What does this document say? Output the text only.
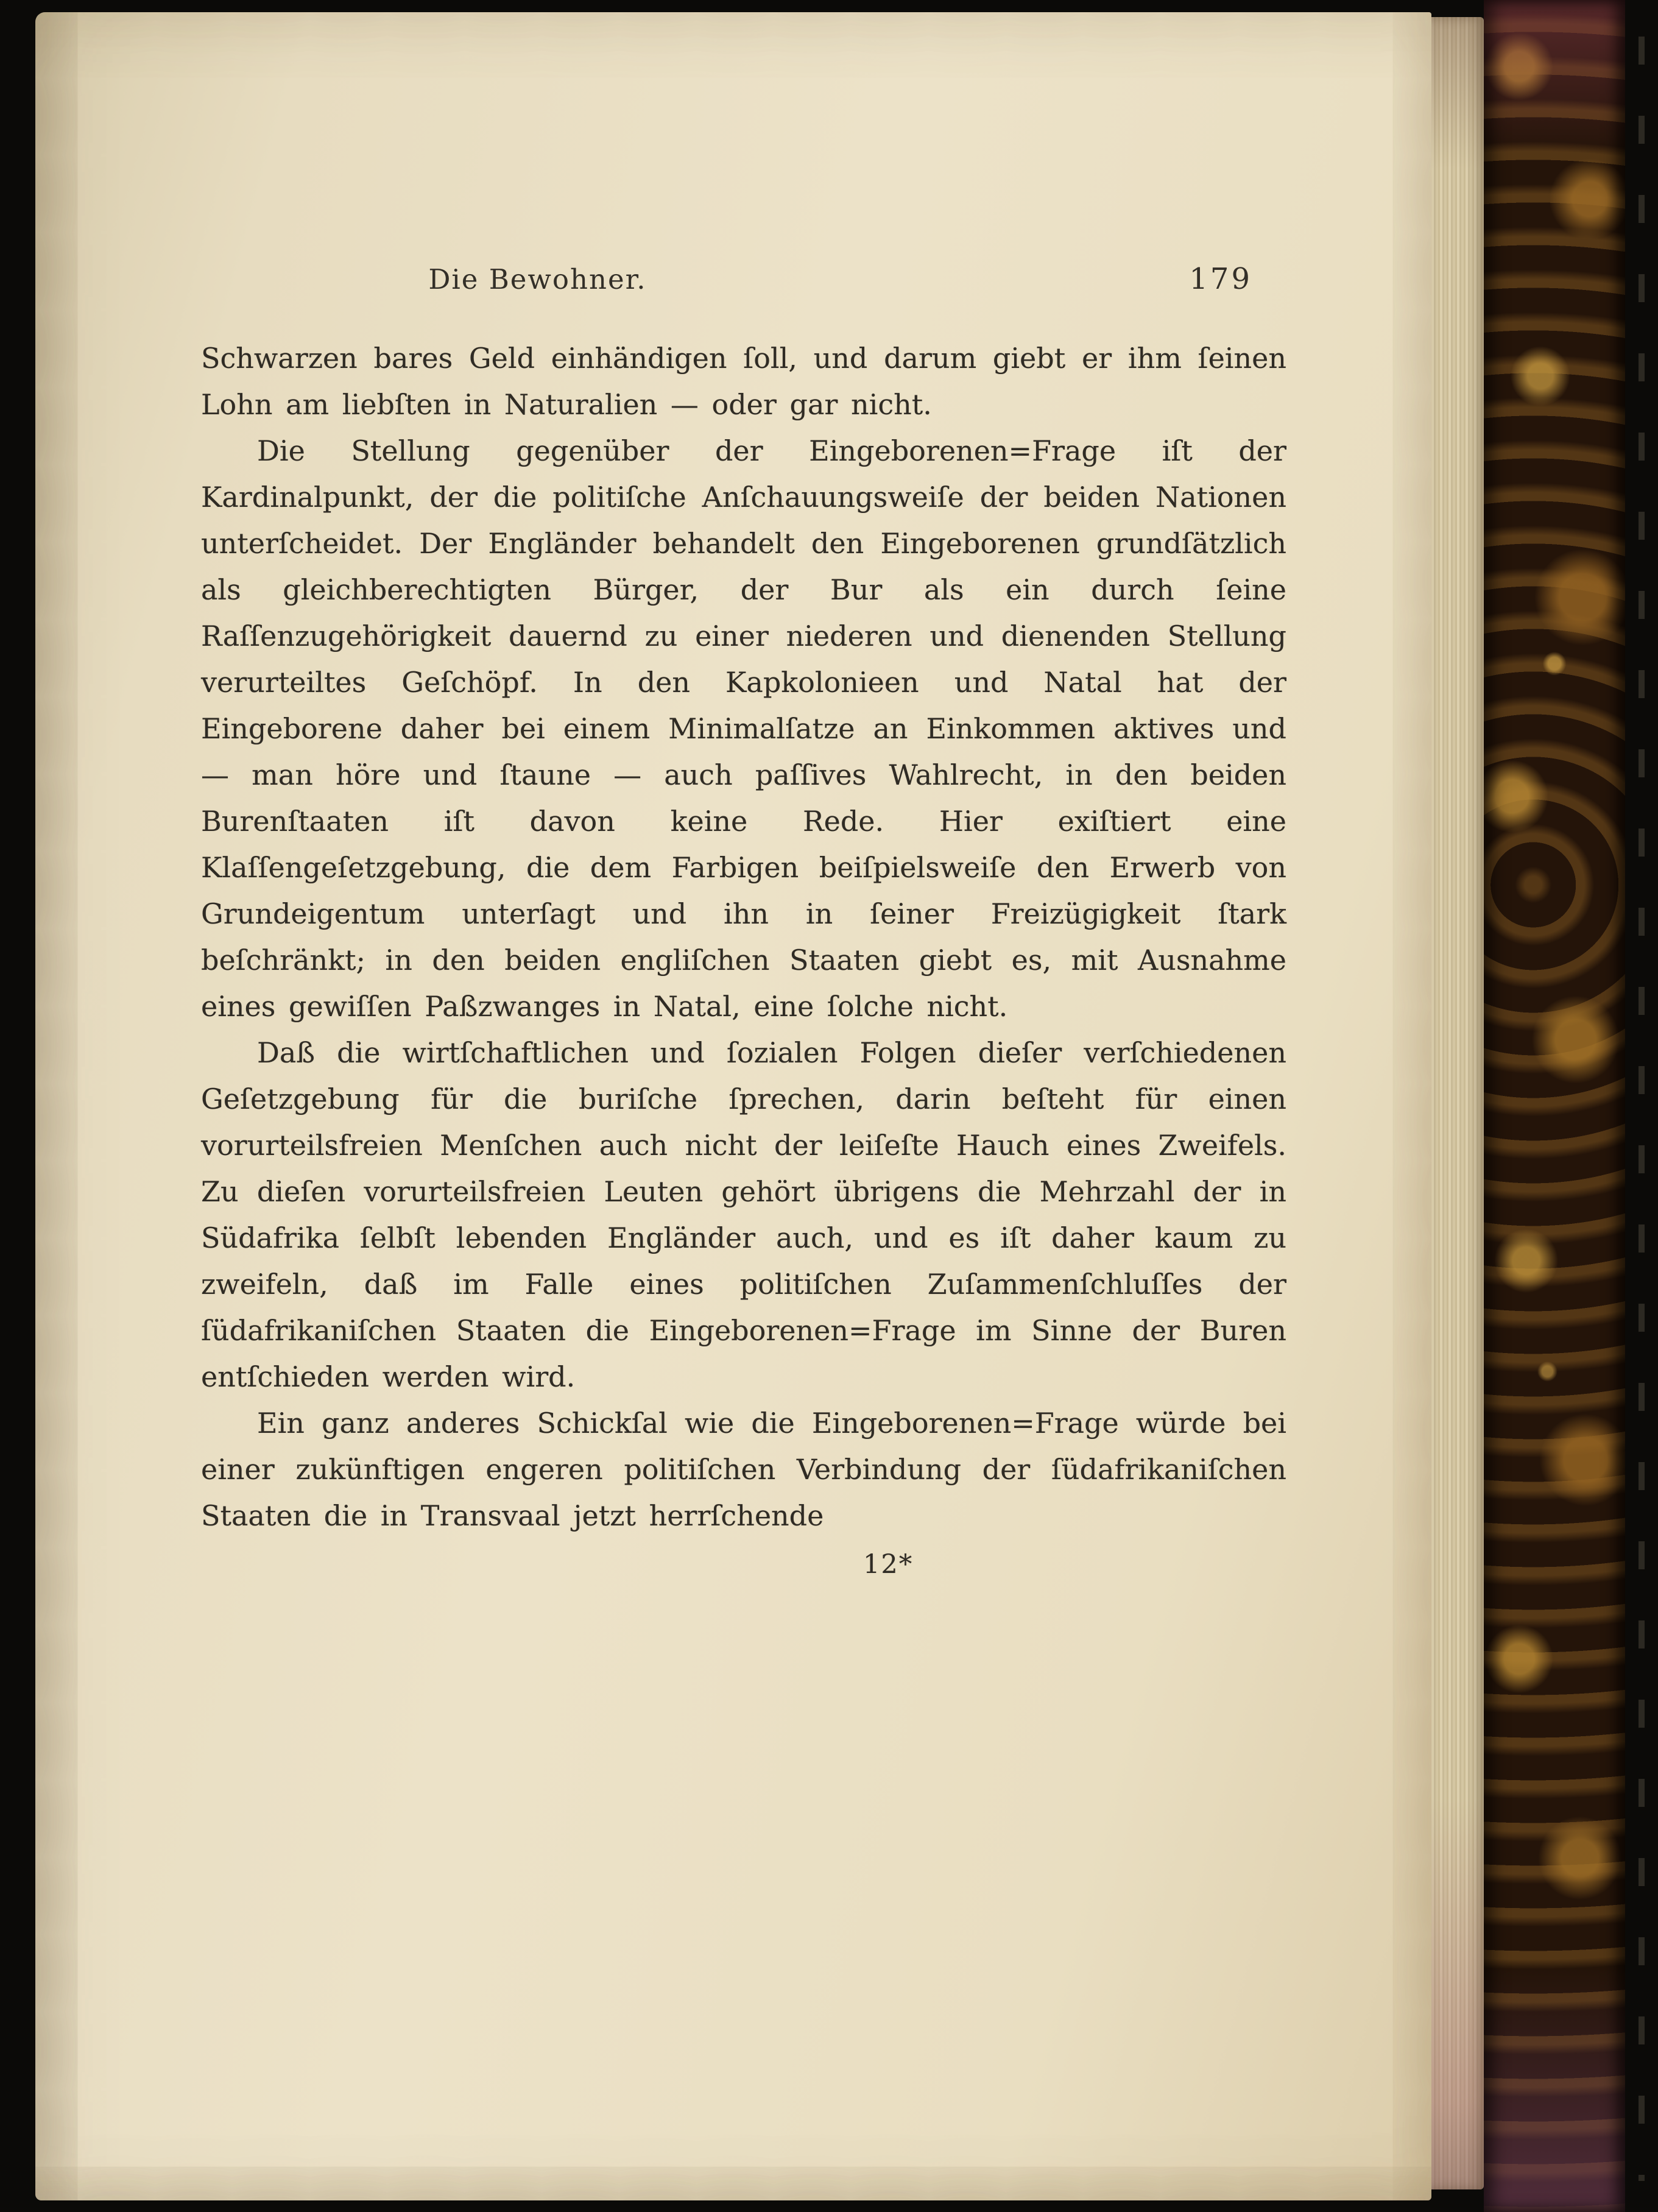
Die Bewohner.	179

Schwarzen bares Geld einhändigen ſoll, und darum giebt er ihm ſeinen Lohn am liebſten in Naturalien — oder gar nicht.

Die Stellung gegenüber der Eingeborenen=Frage iſt der Kardinalpunkt, der die politiſche Anſchauungsweiſe der beiden Nationen unterſcheidet. Der Engländer behandelt den Eingeborenen grundſätzlich als gleichberechtigten Bürger, der Bur als ein durch ſeine Raſſenzugehörigkeit dauernd zu einer niederen und dienenden Stellung verurteiltes Geſchöpf. In den Kapkolonieen und Natal hat der Eingeborene daher bei einem Minimalſatze an Einkommen aktives und — man höre und ſtaune — auch paſſives Wahlrecht, in den beiden Burenſtaaten iſt davon keine Rede. Hier exiſtiert eine Klaſſengeſetzgebung, die dem Farbigen beiſpielsweiſe den Erwerb von Grundeigentum unterſagt und ihn in ſeiner Freizügigkeit ſtark beſchränkt; in den beiden engliſchen Staaten giebt es, mit Ausnahme eines gewiſſen Paßzwanges in Natal, eine ſolche nicht.

Daß die wirtſchaftlichen und ſozialen Folgen dieſer verſchiedenen Geſetzgebung für die buriſche ſprechen, darin beſteht für einen vorurteilsfreien Menſchen auch nicht der leiſeſte Hauch eines Zweifels. Zu dieſen vorurteilsfreien Leuten gehört übrigens die Mehrzahl der in Südafrika ſelbſt lebenden Engländer auch, und es iſt daher kaum zu zweifeln, daß im Falle eines politiſchen Zuſammenſchluſſes der ſüdafrikaniſchen Staaten die Eingeborenen=Frage im Sinne der Buren entſchieden werden wird.

Ein ganz anderes Schickſal wie die Eingeborenen=Frage würde bei einer zukünftigen engeren politiſchen Verbindung der ſüdafrikaniſchen Staaten die in Transvaal jetzt herrſchende

12*
